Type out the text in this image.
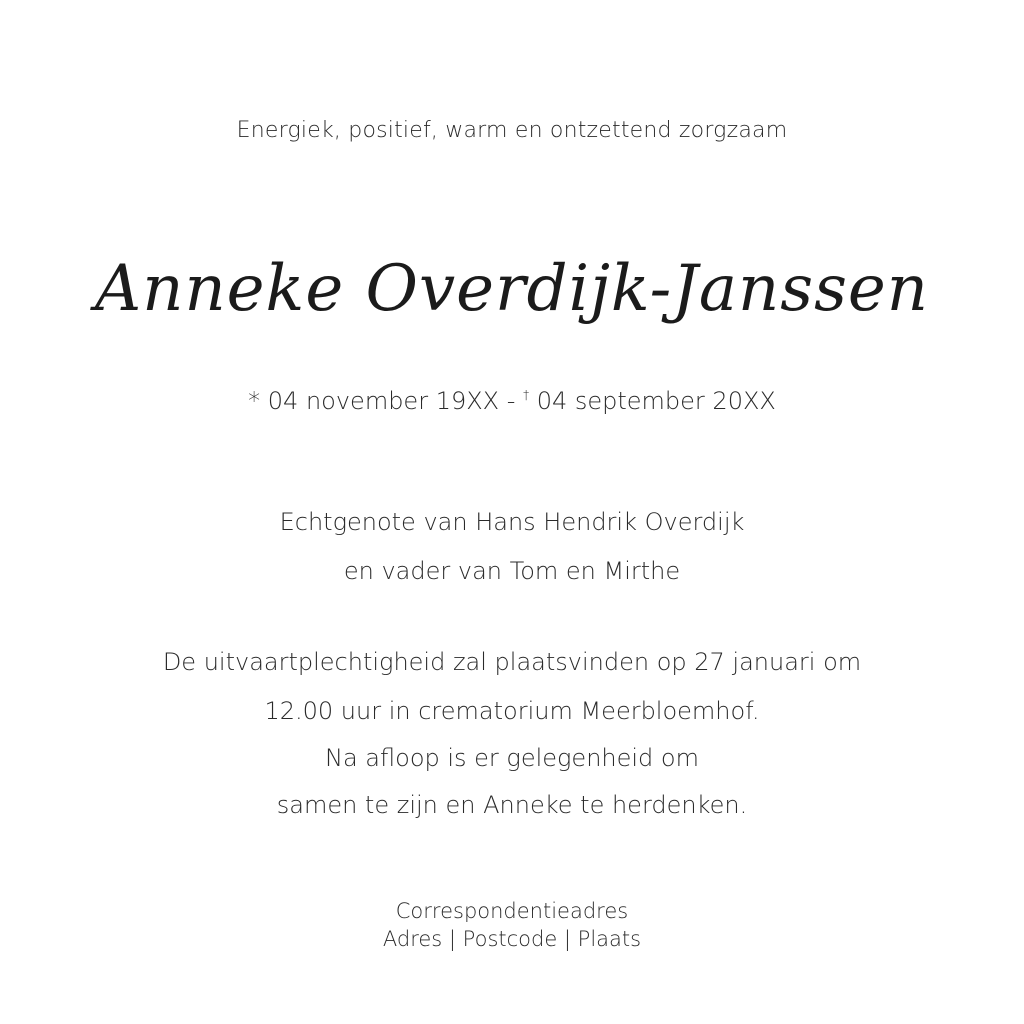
Energiek, positief, warm en ontzettend zorgzaam
Anneke Overdijk-Janssen
* 04 november 19XX - † 04 september 20XX
Echtgenote van Hans Hendrik Overdijk
en vader van Tom en Mirthe
De uitvaartplechtigheid zal plaatsvinden op 27 januari om
12.00 uur in crematorium Meerbloemhof.
Na afloop is er gelegenheid om
samen te zijn en Anneke te herdenken.
Correspondentieadres
Adres | Postcode | Plaats
